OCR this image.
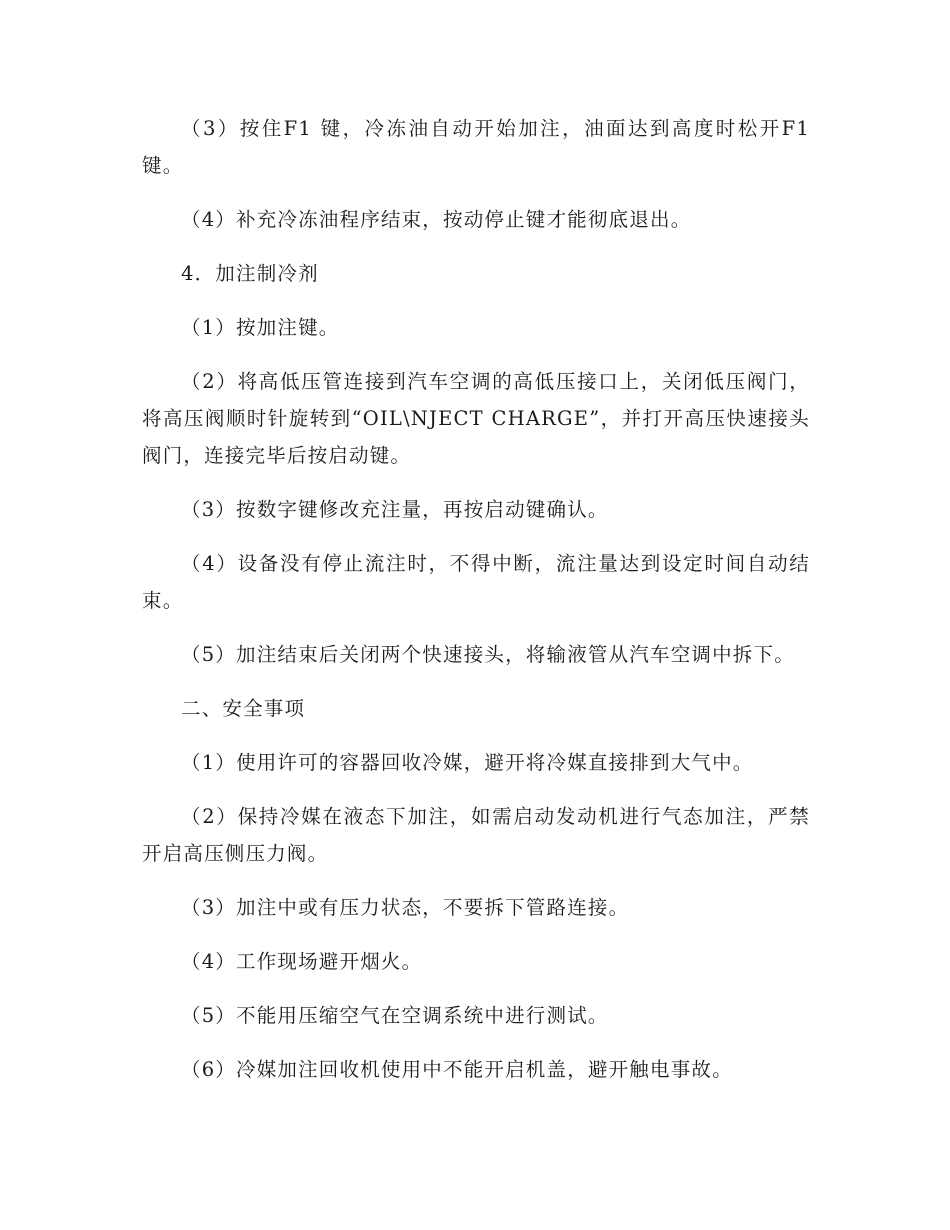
（3）按住F1 键，冷冻油自动开始加注，油面达到高度时松开F1 键。

（4）补充冷冻油程序结束，按动停止键才能彻底退出。

4．加注制冷剂

（1）按加注键。

（2）将高低压管连接到汽车空调的高低压接口上，关闭低压阀门，将高压阀顺时针旋转到“OIL\NJECT CHARGE”，并打开高压快速接头阀门，连接完毕后按启动键。

（3）按数字键修改充注量，再按启动键确认。

（4）设备没有停止流注时，不得中断，流注量达到设定时间自动结束。

（5）加注结束后关闭两个快速接头，将输液管从汽车空调中拆下。

二、安全事项

（1）使用许可的容器回收冷媒，避开将冷媒直接排到大气中。

（2）保持冷媒在液态下加注，如需启动发动机进行气态加注，严禁开启高压侧压力阀。

（3）加注中或有压力状态，不要拆下管路连接。

（4）工作现场避开烟火。

（5）不能用压缩空气在空调系统中进行测试。

（6）冷媒加注回收机使用中不能开启机盖，避开触电事故。
